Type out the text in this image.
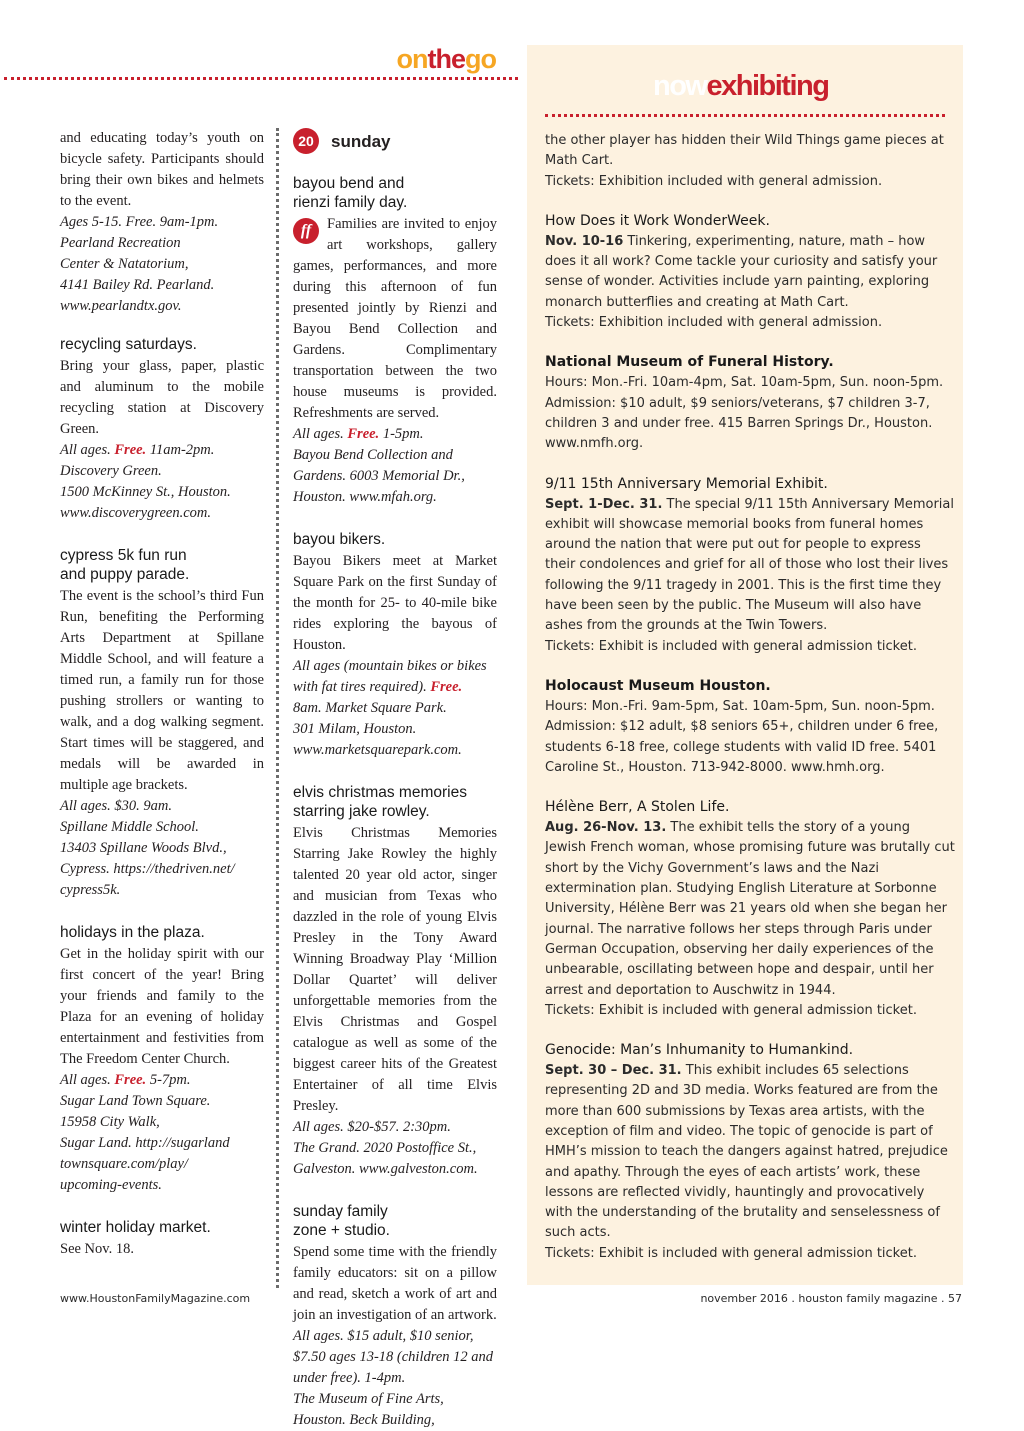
onthego
nowexhibiting

and educating today’s youth on bicycle safety. Participants should bring their own bikes and helmets to the event.

Ages 5-15. Free. 9am-1pm.

Pearland Recreation

Center & Natatorium,

4141 Bailey Rd. Pearland.

www.pearlandtx.gov.

recycling saturdays.

Bring your glass, paper, plastic and aluminum to the mobile recycling station at Discovery Green.

All ages. Free. 11am-2pm.

Discovery Green.

1500 McKinney St., Houston.

www.discoverygreen.com.

cypress 5k fun run
and puppy parade.

The event is the school’s third Fun Run, benefiting the Performing Arts Department at Spillane Middle School, and will feature a timed run, a family run for those pushing strollers or wanting to walk, and a dog walking segment. Start times will be staggered, and medals will be awarded in multiple age brackets.

All ages. $30. 9am.

Spillane Middle School.

13403 Spillane Woods Blvd.,

Cypress. https://thedriven.net/

cypress5k.

holidays in the plaza.

Get in the holiday spirit with our first concert of the year! Bring your friends and family to the Plaza for an evening of holiday entertainment and festivities from The Freedom Center Church.

All ages. Free. 5-7pm.

Sugar Land Town Square.

15958 City Walk,

Sugar Land. http://sugarland

townsquare.com/play/

upcoming-events.

winter holiday market.

See Nov. 18.

20 sunday
bayou bend and
rienzi family day.

ff	Families are invited to enjoy art workshops, gallery games, performances, and more during this afternoon of fun presented jointly by Rienzi and Bayou Bend Collection and Gardens. Complimentary transportation between the two house museums is provided. Refreshments are served.

All ages. Free. 1-5pm.

Bayou Bend Collection and

Gardens. 6003 Memorial Dr.,

Houston. www.mfah.org.

bayou bikers.

Bayou Bikers meet at Market Square Park on the first Sunday of the month for 25- to 40-mile bike rides exploring the bayous of Houston.

All ages (mountain bikes or bikes with fat tires required). Free.

8am. Market Square Park.

301 Milam, Houston.

www.marketsquarepark.com.

elvis christmas memories
starring jake rowley.

Elvis Christmas Memories Starring Jake Rowley the highly talented 20 year old actor, singer and musician from Texas who dazzled in the role of young Elvis Presley in the Tony Award Winning Broadway Play ‘Million Dollar Quartet’ will deliver unforgettable memories from the Elvis Christmas and Gospel catalogue as well as some of the biggest career hits of the Greatest Entertainer of all time Elvis Presley.

All ages. $20-$57. 2:30pm.

The Grand. 2020 Postoffice St.,

Galveston. www.galveston.com.

sunday family
zone + studio.

Spend some time with the friendly family educators: sit on a pillow and read, sketch a work of art and join an investigation of an artwork.

All ages. $15 adult, $10 senior, $7.50 ages 13-18 (children 12 and under free). 1-4pm.

The Museum of Fine Arts,

Houston. Beck Building,

the other player has hidden their Wild Things game pieces at Math Cart.

Tickets: Exhibition included with general admission.

How Does it Work WonderWeek.

Nov. 10-16 Tinkering, experimenting, nature, math – how does it all work? Come tackle your curiosity and satisfy your sense of wonder. Activities include yarn painting, exploring monarch butterflies and creating at Math Cart.

Tickets: Exhibition included with general admission.

National Museum of Funeral History.

Hours: Mon.-Fri. 10am-4pm, Sat. 10am-5pm, Sun. noon-5pm. Admission: $10 adult, $9 seniors/veterans, $7 children 3-7, children 3 and under free. 415 Barren Springs Dr., Houston. www.nmfh.org.

9/11 15th Anniversary Memorial Exhibit.

Sept. 1-Dec. 31. The special 9/11 15th Anniversary Memorial exhibit will showcase memorial books from funeral homes around the nation that were put out for people to express their condolences and grief for all of those who lost their lives following the 9/11 tragedy in 2001. This is the first time they have been seen by the public. The Museum will also have ashes from the grounds at the Twin Towers.

Tickets: Exhibit is included with general admission ticket.

Holocaust Museum Houston.

Hours: Mon.-Fri. 9am-5pm, Sat. 10am-5pm, Sun. noon-5pm. Admission: $12 adult, $8 seniors 65+, children under 6 free, students 6-18 free, college students with valid ID free. 5401 Caroline St., Houston. 713-942-8000. www.hmh.org.

Hélène Berr, A Stolen Life.

Aug. 26-Nov. 13. The exhibit tells the story of a young Jewish French woman, whose promising future was brutally cut short by the Vichy Government’s laws and the Nazi extermination plan. Studying English Literature at Sorbonne University, Hélène Berr was 21 years old when she began her journal. The narrative follows her steps through Paris under German Occupation, observing her daily experiences of the unbearable, oscillating between hope and despair, until her arrest and deportation to Auschwitz in 1944.

Tickets: Exhibit is included with general admission ticket.

Genocide: Man’s Inhumanity to Humankind.

Sept. 30 – Dec. 31. This exhibit includes 65 selections representing 2D and 3D media. Works featured are from the more than 600 submissions by Texas area artists, with the exception of film and video. The topic of genocide is part of HMH’s mission to teach the dangers against hatred, prejudice and apathy. Through the eyes of each artists’ work, these lessons are reflected vividly, hauntingly and provocatively with the understanding of the brutality and senselessness of such acts.

Tickets: Exhibit is included with general admission ticket.

www.HoustonFamilyMagazine.com	november 2016 . houston family magazine . 57
